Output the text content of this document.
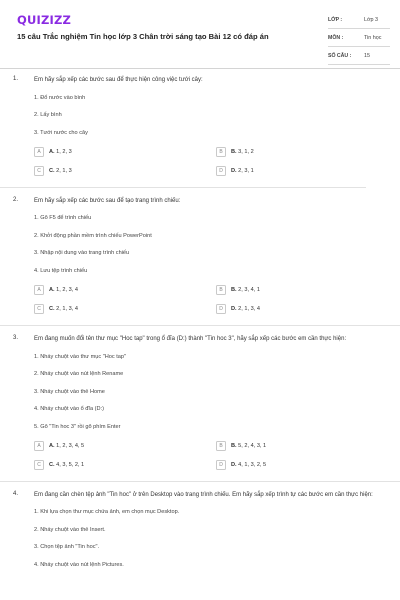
QUIZIZZ
15 câu Trắc nghiệm Tin học lớp 3 Chân trời sáng tạo Bài 12 có đáp án
LỚP :	Lớp 3
MÔN :	Tin học
SỐ CÂU : 15
1.	Em hãy sắp xếp các bước sau để thực hiện công việc tưới cây:
1. Đổ nước vào bình
2. Lấy bình
3. Tưới nước cho cây
A	A. 1, 2, 3	B	B. 3, 1, 2
C	C. 2, 1, 3	D	D. 2, 3, 1
2.	Em hãy sắp xếp các bước sau để tạo trang trình chiếu:
1. Gõ F5 để trình chiếu
2. Khởi động phần mềm trình chiếu PowerPoint
3. Nhập nội dung vào trang trình chiếu
4. Lưu tệp trình chiếu
A	A. 1, 2, 3, 4	B	B. 2, 3, 4, 1
C	C. 2, 1, 3, 4	D	D. 2, 1, 3, 4
3.	Em đang muốn đổi tên thư mục "Hoc tap" trong ổ đĩa (D:) thành "Tin hoc 3", hãy sắp xếp các bước em cần thực hiện:
1. Nháy chuột vào thư mục "Hoc tap"
2. Nháy chuột vào nút lệnh Rename
3. Nháy chuột vào thẻ Home
4. Nháy chuột vào ổ đĩa (D:)
5. Gõ "Tin hoc 3" rồi gõ phím Enter
A	A. 1, 2, 3, 4, 5	B	B. 5, 2, 4, 3, 1
C	C. 4, 3, 5, 2, 1	D	D. 4, 1, 3, 2, 5
4.	Em đang cần chèn tệp ảnh "Tin hoc" ở trên Desktop vào trang trình chiếu. Em hãy sắp xếp trình tự các bước em cần thực hiện:
1. Khi lựa chọn thư mục chứa ảnh, em chọn mục Desktop.
2. Nháy chuột vào thẻ Insert.
3. Chọn tệp ảnh "Tin hoc".
4. Nháy chuột vào nút lệnh Pictures.
